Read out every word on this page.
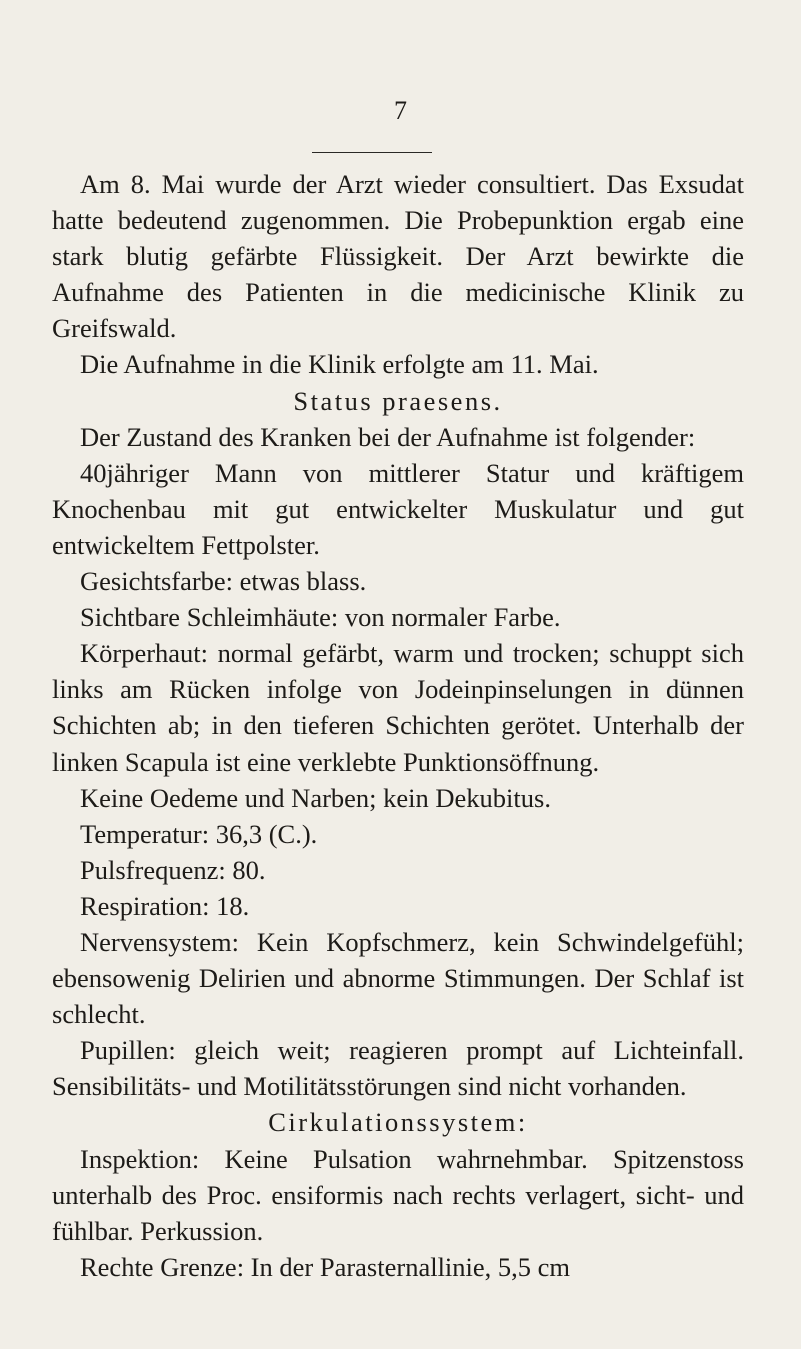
7

Am 8. Mai wurde der Arzt wieder consultiert. Das Exsudat hatte bedeutend zugenommen. Die Probepunktion ergab eine stark blutig gefärbte Flüssigkeit. Der Arzt bewirkte die Aufnahme des Patienten in die medicinische Klinik zu Greifswald.

Die Aufnahme in die Klinik erfolgte am 11. Mai.

Status praesens.

Der Zustand des Kranken bei der Aufnahme ist folgender:

40jähriger Mann von mittlerer Statur und kräftigem Knochenbau mit gut entwickelter Muskulatur und gut entwickeltem Fettpolster.

Gesichtsfarbe: etwas blass.

Sichtbare Schleimhäute: von normaler Farbe.

Körperhaut: normal gefärbt, warm und trocken; schuppt sich links am Rücken infolge von Jodeinpinselungen in dünnen Schichten ab; in den tieferen Schichten gerötet. Unterhalb der linken Scapula ist eine verklebte Punktionsöffnung.

Keine Oedeme und Narben; kein Dekubitus.

Temperatur: 36,3 (C.).

Pulsfrequenz: 80.

Respiration: 18.

Nervensystem: Kein Kopfschmerz, kein Schwindelgefühl; ebensowenig Delirien und abnorme Stimmungen. Der Schlaf ist schlecht.

Pupillen: gleich weit; reagieren prompt auf Lichteinfall. Sensibilitäts- und Motilitätsstörungen sind nicht vorhanden.

Cirkulationssystem:

Inspektion: Keine Pulsation wahrnehmbar. Spitzenstoss unterhalb des Proc. ensiformis nach rechts verlagert, sicht- und fühlbar. Perkussion.

Rechte Grenze: In der Parasternallinie, 5,5 cm
